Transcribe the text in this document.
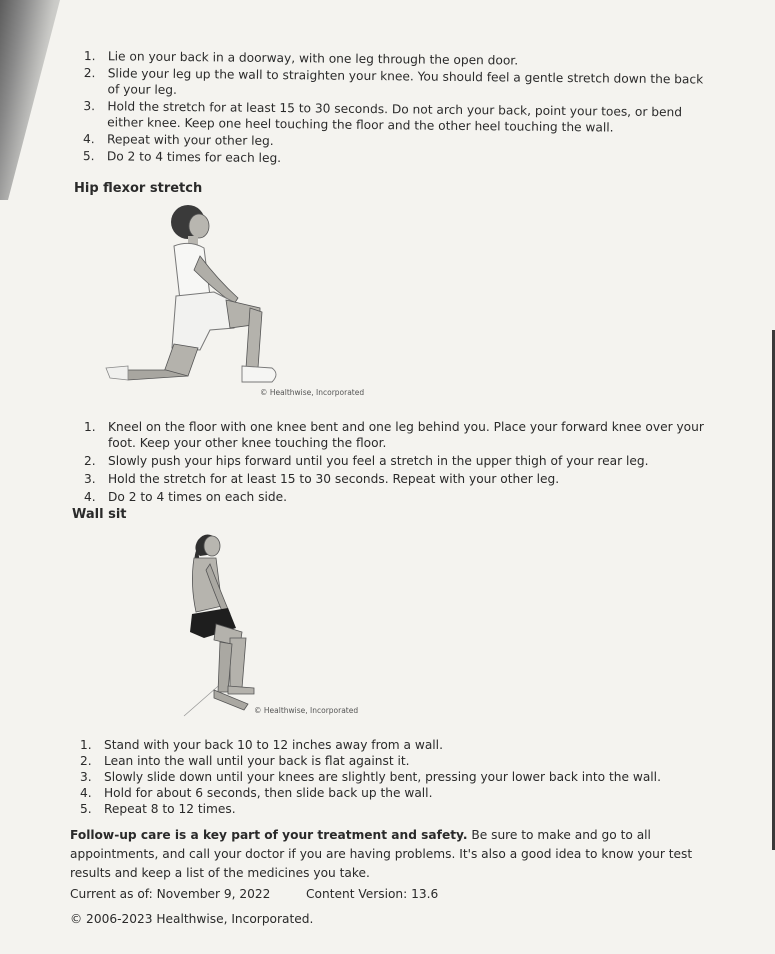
1. Lie on your back in a doorway, with one leg through the open door.
2. Slide your leg up the wall to straighten your knee. You should feel a gentle stretch down the back of your leg.
3. Hold the stretch for at least 15 to 30 seconds. Do not arch your back, point your toes, or bend either knee. Keep one heel touching the floor and the other heel touching the wall.
4. Repeat with your other leg.
5. Do 2 to 4 times for each leg.
Hip flexor stretch
© Healthwise, Incorporated
1. Kneel on the floor with one knee bent and one leg behind you. Place your forward knee over your foot. Keep your other knee touching the floor.
2. Slowly push your hips forward until you feel a stretch in the upper thigh of your rear leg.
3. Hold the stretch for at least 15 to 30 seconds. Repeat with your other leg.
4. Do 2 to 4 times on each side.
Wall sit
© Healthwise, Incorporated
1. Stand with your back 10 to 12 inches away from a wall.
2. Lean into the wall until your back is flat against it.
3. Slowly slide down until your knees are slightly bent, pressing your lower back into the wall.
4. Hold for about 6 seconds, then slide back up the wall.
5. Repeat 8 to 12 times.
Follow-up care is a key part of your treatment and safety. Be sure to make and go to all appointments, and call your doctor if you are having problems. It's also a good idea to know your test results and keep a list of the medicines you take.
Current as of: November 9, 2022	Content Version: 13.6
© 2006-2023 Healthwise, Incorporated.
